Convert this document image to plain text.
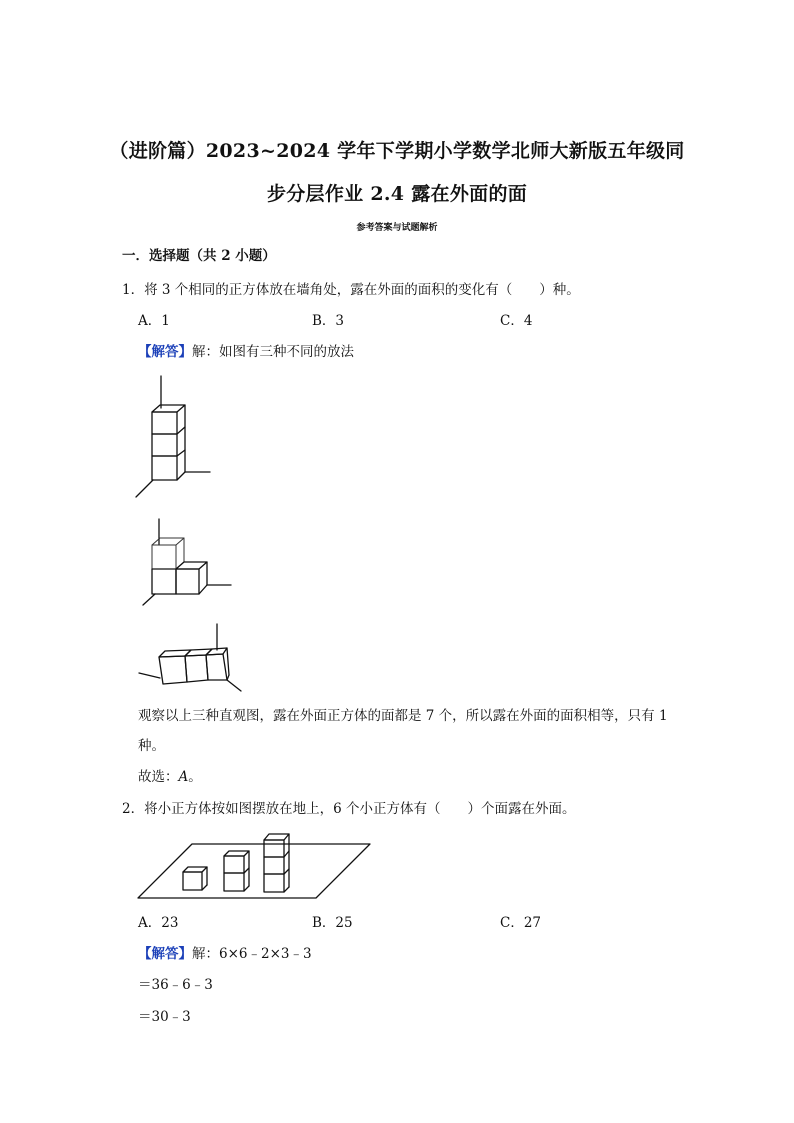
（进阶篇）2023~2024 学年下学期小学数学北师大新版五年级同
步分层作业 2.4 露在外面的面
参考答案与试题解析
一．选择题（共 2 小题）
1．将 3 个相同的正方体放在墙角处，露在外面的面积的变化有（　　）种。
A．1	B．3	C．4
【解答】解：如图有三种不同的放法
观察以上三种直观图，露在外面正方体的面都是 7 个，所以露在外面的面积相等，只有 1
种。
故选：A。
2．将小正方体按如图摆放在地上，6 个小正方体有（　　）个面露在外面。
A．23	B．25	C．27
【解答】解：6×6﹣2×3﹣3
＝36﹣6﹣3
＝30﹣3
